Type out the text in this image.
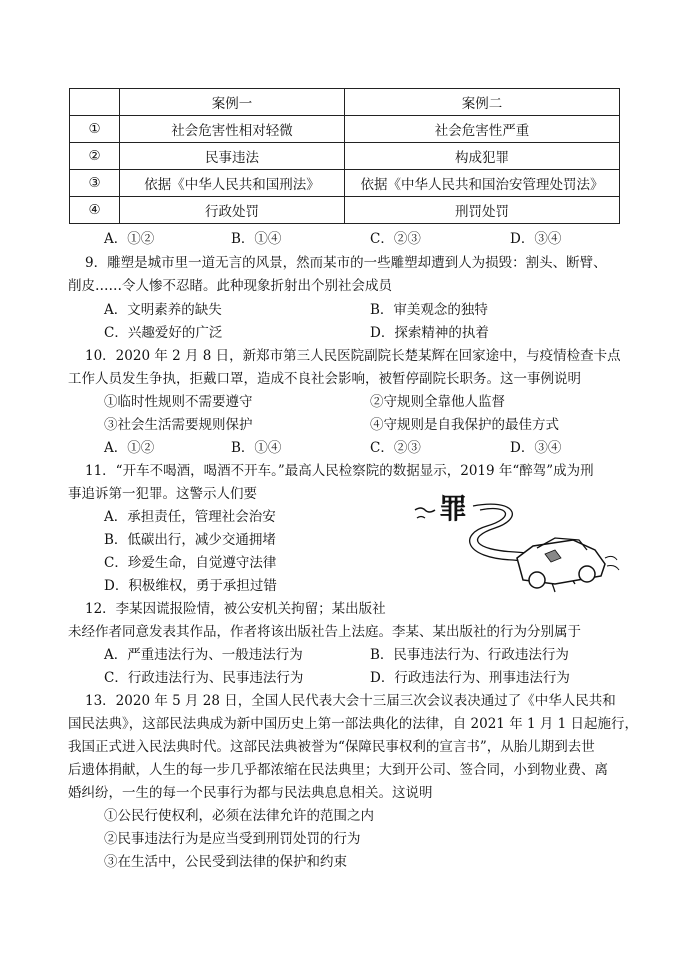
	案例一	案例二
①	社会危害性相对轻微	社会危害性严重
②	民事违法	构成犯罪
③	依据《中华人民共和国刑法》	依据《中华人民共和国治安管理处罚法》
④	行政处罚	刑罚处罚
A．①②	B．①④	C．②③	D．③④
9．雕塑是城市里一道无言的风景，然而某市的一些雕塑却遭到人为损毁：割头、断臂、
削皮……令人惨不忍睹。此种现象折射出个别社会成员
A．文明素养的缺失	B．审美观念的独特
C．兴趣爱好的广泛	D．探索精神的执着
10．2020 年 2 月 8 日，新郑市第三人民医院副院长楚某辉在回家途中，与疫情检查卡点
工作人员发生争执，拒戴口罩，造成不良社会影响，被暂停副院长职务。这一事例说明
①临时性规则不需要遵守	②守规则全靠他人监督
③社会生活需要规则保护	④守规则是自我保护的最佳方式
A．①②	B．①④	C．②③	D．③④
11．“开车不喝酒，喝酒不开车。”最高人民检察院的数据显示，2019 年“醉驾”成为刑
事追诉第一犯罪。这警示人们要
A．承担责任，管理社会治安
B．低碳出行，减少交通拥堵
C．珍爱生命，自觉遵守法律
D．积极维权，勇于承担过错
罪
12．李某因谎报险情，被公安机关拘留；某出版社
未经作者同意发表其作品，作者将该出版社告上法庭。李某、某出版社的行为分别属于
A．严重违法行为、一般违法行为	B．民事违法行为、行政违法行为
C．行政违法行为、民事违法行为	D．行政违法行为、刑事违法行为
13．2020 年 5 月 28 日，全国人民代表大会十三届三次会议表决通过了《中华人民共和
国民法典》，这部民法典成为新中国历史上第一部法典化的法律，自 2021 年 1 月 1 日起施行，
我国正式进入民法典时代。这部民法典被誉为“保障民事权利的宣言书”，从胎儿期到去世
后遗体捐献，人生的每一步几乎都浓缩在民法典里；大到开公司、签合同，小到物业费、离
婚纠纷，一生的每一个民事行为都与民法典息息相关。这说明
①公民行使权利，必须在法律允许的范围之内
②民事违法行为是应当受到刑罚处罚的行为
③在生活中，公民受到法律的保护和约束
